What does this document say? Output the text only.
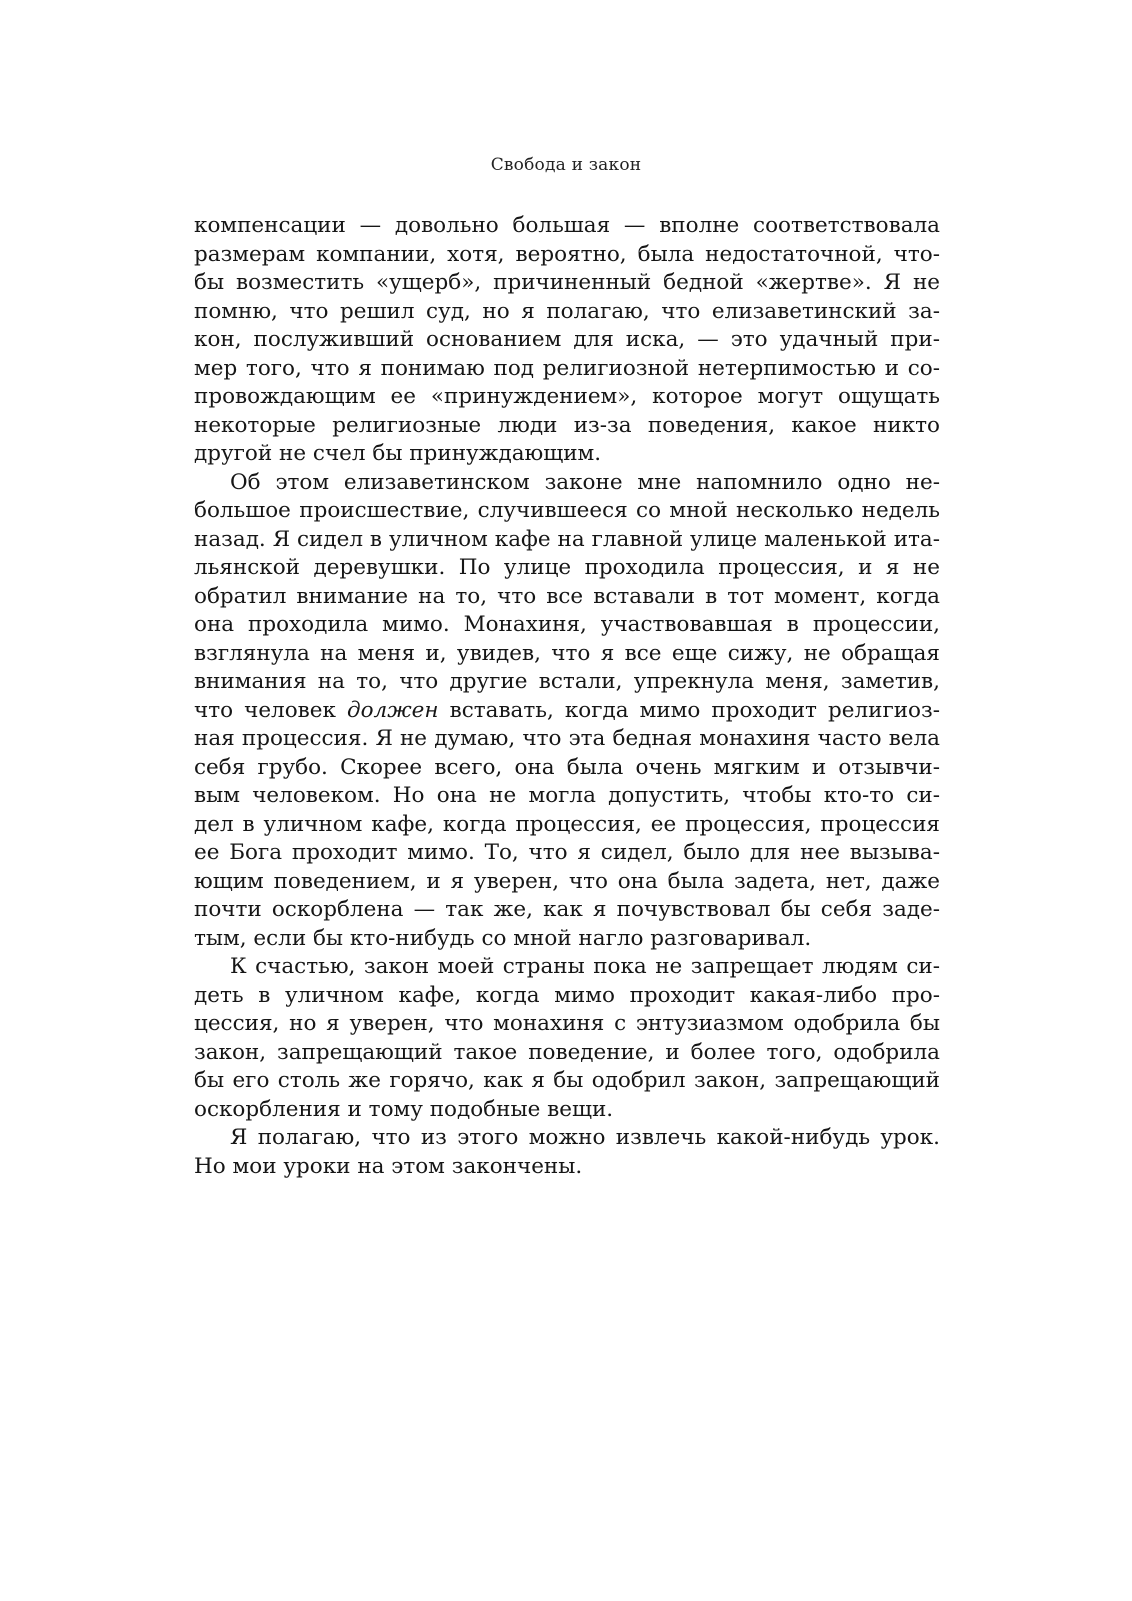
Свобода и закон
компенсации — довольно большая — вполне соответствовала
размерам компании, хотя, вероятно, была недостаточной, что-
бы возместить «ущерб», причиненный бедной «жертве». Я не
помню, что решил суд, но я полагаю, что елизаветинский за-
кон, послуживший основанием для иска, — это удачный при-
мер того, что я понимаю под религиозной нетерпимостью и со-
провождающим ее «принуждением», которое могут ощущать
некоторые религиозные люди из-за поведения, какое никто
другой не счел бы принуждающим.
Об этом елизаветинском законе мне напомнило одно не-
большое происшествие, случившееся со мной несколько недель
назад. Я сидел в уличном кафе на главной улице маленькой ита-
льянской деревушки. По улице проходила процессия, и я не
обратил внимание на то, что все вставали в тот момент, когда
она проходила мимо. Монахиня, участвовавшая в процессии,
взглянула на меня и, увидев, что я все еще сижу, не обращая
внимания на то, что другие встали, упрекнула меня, заметив,
что человек должен вставать, когда мимо проходит религиоз-
ная процессия. Я не думаю, что эта бедная монахиня часто вела
себя грубо. Скорее всего, она была очень мягким и отзывчи-
вым человеком. Но она не могла допустить, чтобы кто-то си-
дел в уличном кафе, когда процессия, ее процессия, процессия
ее Бога проходит мимо. То, что я сидел, было для нее вызыва-
ющим поведением, и я уверен, что она была задета, нет, даже
почти оскорблена — так же, как я почувствовал бы себя заде-
тым, если бы кто-нибудь со мной нагло разговаривал.
К счастью, закон моей страны пока не запрещает людям си-
деть в уличном кафе, когда мимо проходит какая-либо про-
цессия, но я уверен, что монахиня с энтузиазмом одобрила бы
закон, запрещающий такое поведение, и более того, одобрила
бы его столь же горячо, как я бы одобрил закон, запрещающий
оскорбления и тому подобные вещи.
Я полагаю, что из этого можно извлечь какой-нибудь урок.
Но мои уроки на этом закончены.
